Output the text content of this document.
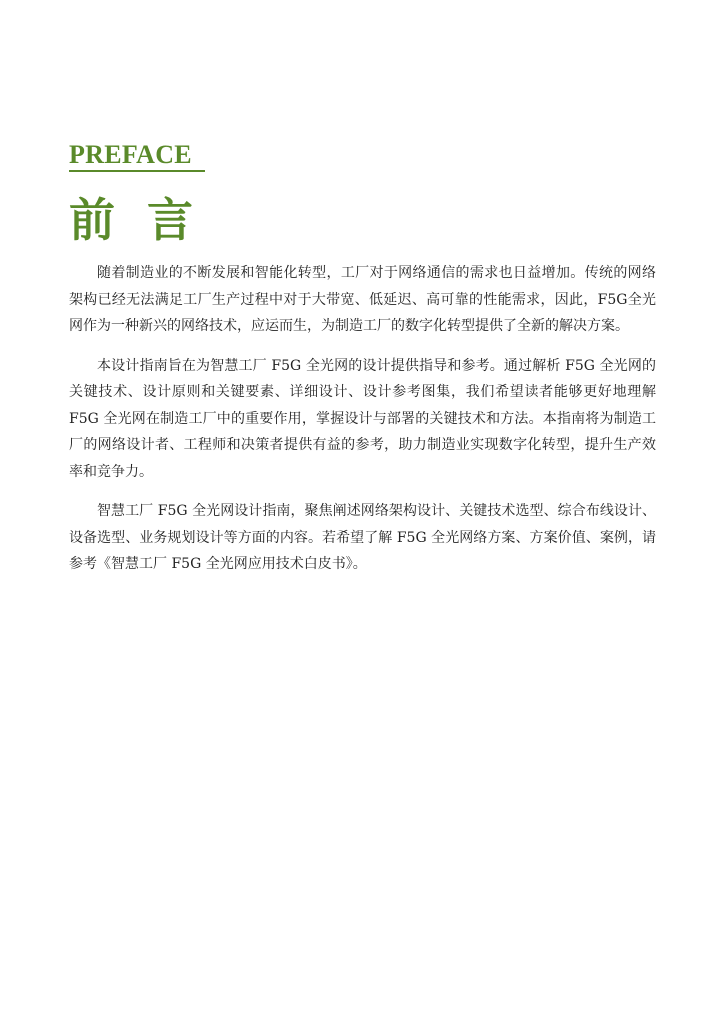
PREFACE
前言

随着制造业的不断发展和智能化转型，工厂对于网络通信的需求也日益增加。传统的网络架构已经无法满足工厂生产过程中对于大带宽、低延迟、高可靠的性能需求，因此，F5G全光网作为一种新兴的网络技术，应运而生，为制造工厂的数字化转型提供了全新的解决方案。

本设计指南旨在为智慧工厂 F5G 全光网的设计提供指导和参考。通过解析 F5G 全光网的关键技术、设计原则和关键要素、详细设计、设计参考图集，我们希望读者能够更好地理解 F5G 全光网在制造工厂中的重要作用，掌握设计与部署的关键技术和方法。本指南将为制造工厂的网络设计者、工程师和决策者提供有益的参考，助力制造业实现数字化转型，提升生产效率和竞争力。

智慧工厂 F5G 全光网设计指南，聚焦阐述网络架构设计、关键技术选型、综合布线设计、设备选型、业务规划设计等方面的内容。若希望了解 F5G 全光网络方案、方案价值、案例，请参考《智慧工厂 F5G 全光网应用技术白皮书》。
